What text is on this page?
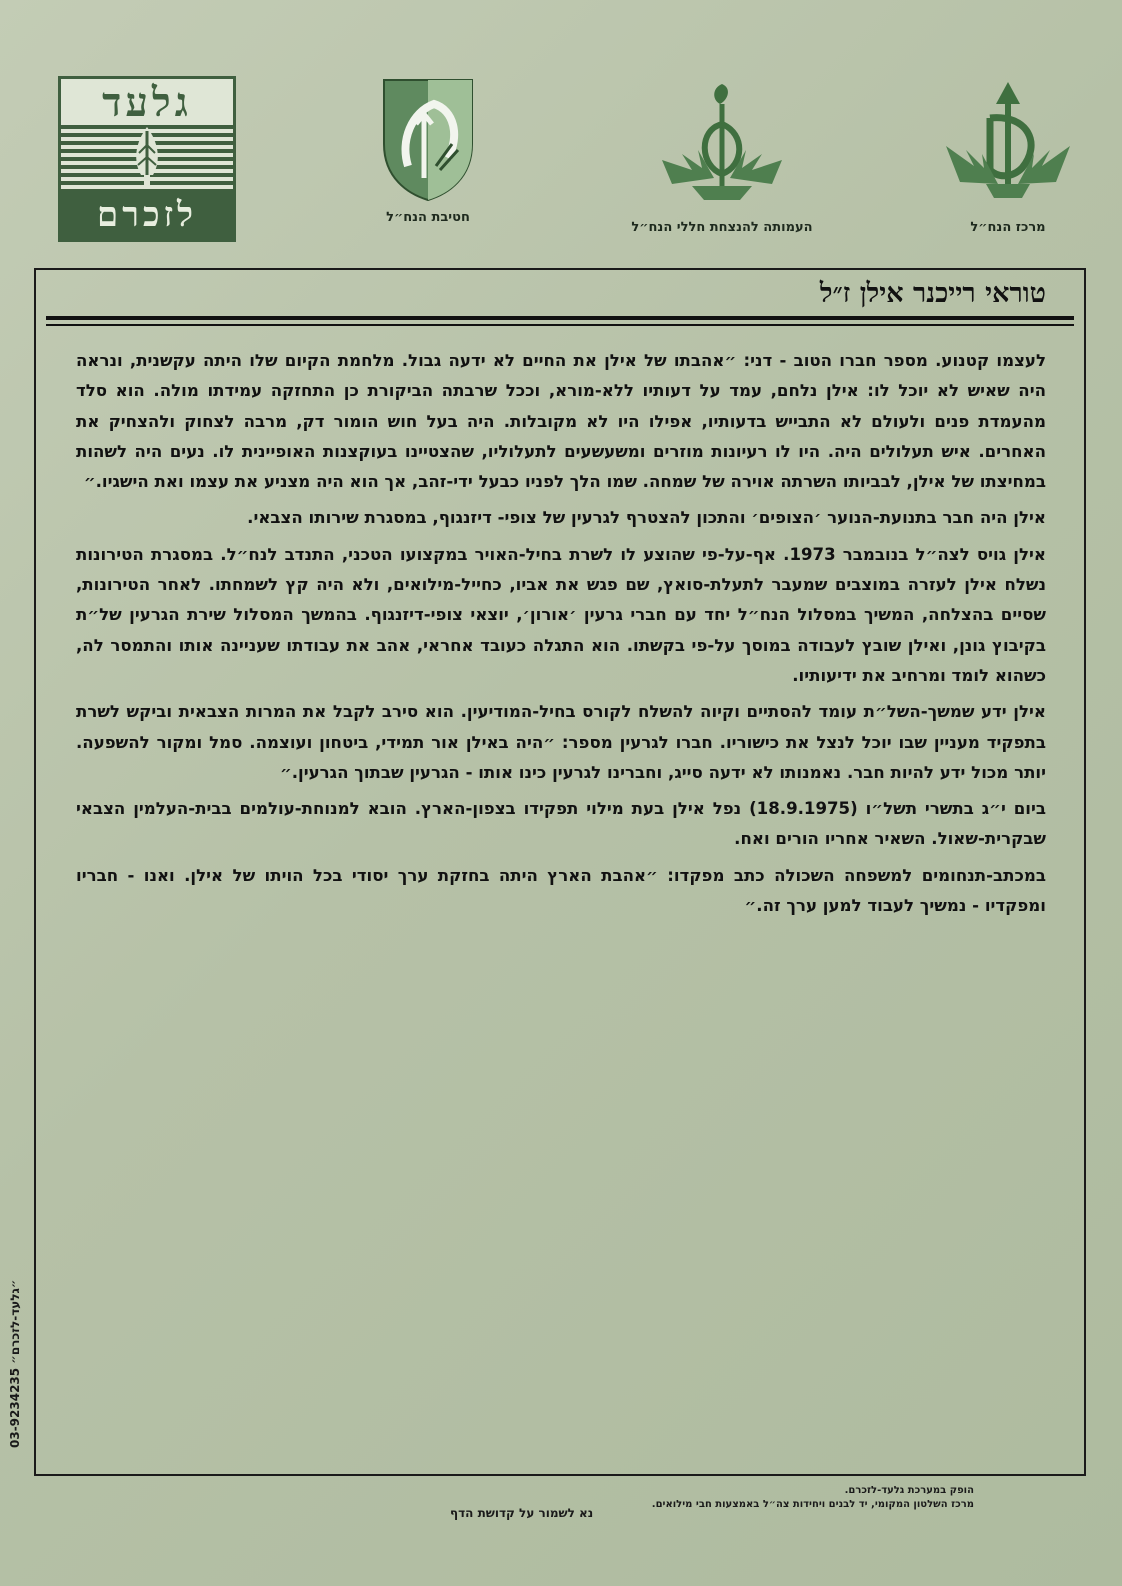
גלעד
לזכרם	חטיבת הנח״ל
העמותה להנצחת חללי הנח״ל	מרכז הנח״ל
טוראי רייכנר אילן ז״ל

לעצמו קטנוע. מספר חברו הטוב - דני: ״אהבתו של אילן את החיים לא ידעה גבול. מלחמת הקיום שלו היתה עקשנית, ונראה היה שאיש לא יוכל לו: אילן נלחם, עמד על דעותיו ללא-מורא, וככל שרבתה הביקורת כן התחזקה עמידתו מולה. הוא סלד מהעמדת פנים ולעולם לא התבייש בדעותיו, אפילו היו לא מקובלות. היה בעל חוש הומור דק, מרבה לצחוק ולהצחיק את האחרים. איש תעלולים היה. היו לו רעיונות מוזרים ומשעשעים לתעלוליו, שהצטיינו בעוקצנות האופיינית לו. נעים היה לשהות במחיצתו של אילן, לבביותו השרתה אוירה של שמחה. שמו הלך לפניו כבעל ידי-זהב, אך הוא היה מצניע את עצמו ואת הישגיו.״

אילן היה חבר בתנועת-הנוער ׳הצופים׳ והתכון להצטרף לגרעין של צופי- דיזנגוף, במסגרת שירותו הצבאי.

אילן גויס לצה״ל בנובמבר 1973. אף-על-פי שהוצע לו לשרת בחיל-האויר במקצועו הטכני, התנדב לנח״ל. במסגרת הטירונות נשלח אילן לעזרה במוצבים שמעבר לתעלת-סואץ, שם פגש את אביו, כחייל-מילואים, ולא היה קץ לשמחתו. לאחר הטירונות, שסיים בהצלחה, המשיך במסלול הנח״ל יחד עם חברי גרעין ׳אורון׳, יוצאי צופי-דיזנגוף. בהמשך המסלול שירת הגרעין של״ת בקיבוץ גונן, ואילן שובץ לעבודה במוסך על-פי בקשתו. הוא התגלה כעובד אחראי, אהב את עבודתו שעניינה אותו והתמסר לה, כשהוא לומד ומרחיב את ידיעותיו.

אילן ידע שמשך-השל״ת עומד להסתיים וקיוה להשלח לקורס בחיל-המודיעין. הוא סירב לקבל את המרות הצבאית וביקש לשרת בתפקיד מעניין שבו יוכל לנצל את כישוריו. חברו לגרעין מספר: ״היה באילן אור תמידי, ביטחון ועוצמה. סמל ומקור להשפעה. יותר מכול ידע להיות חבר. נאמנותו לא ידעה סייג, וחברינו לגרעין כינו אותו - הגרעין שבתוך הגרעין.״

ביום י״ג בתשרי תשל״ו (18.9.1975) נפל אילן בעת מילוי תפקידו בצפון-הארץ. הובא למנוחת-עולמים בבית-העלמין הצבאי שבקרית-שאול. השאיר אחריו הורים ואח.

במכתב-תנחומים למשפחה השכולה כתב מפקדו: ״אהבת הארץ היתה בחזקת ערך יסודי בכל הויתו של אילן. ואנו - חבריו ומפקדיו - נמשיך לעבוד למען ערך זה.״

הופק במערכת גלעד-לזכרם.
מרכז השלטון המקומי, יד לבנים ויחידות צה״ל באמצעות חבי מילואים.
נא לשמור על קדושת הדף
03-9234235 ״גלעד-לזכרם״
